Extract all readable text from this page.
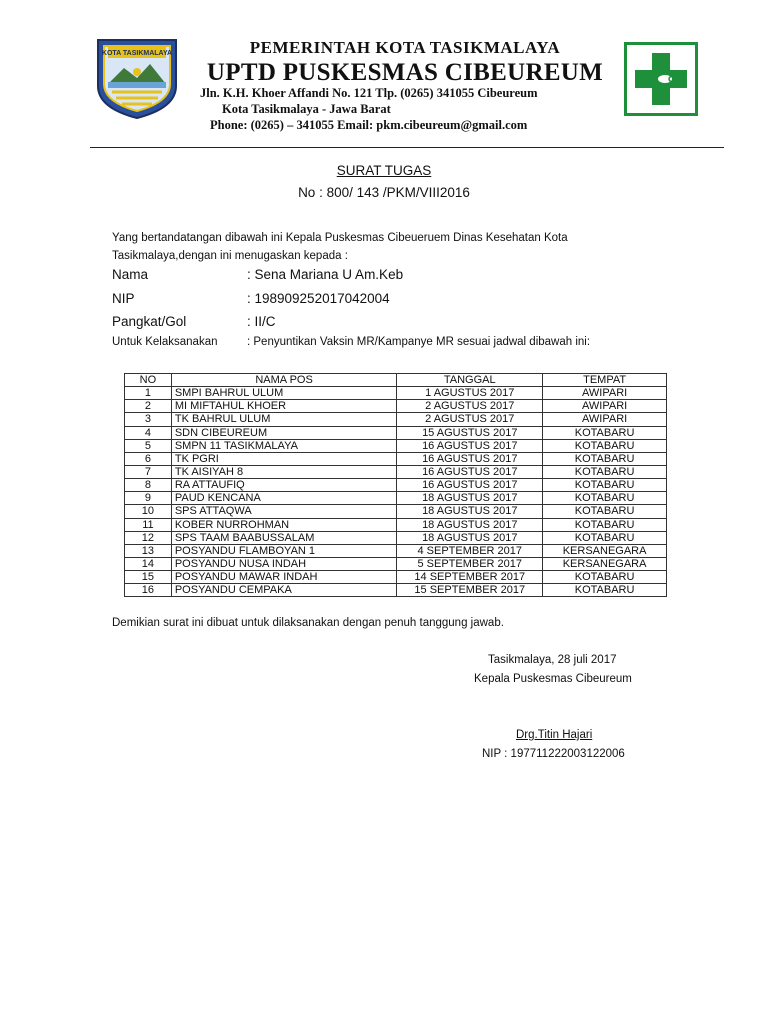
KOTA TASIKMALAYA	PEMERINTAH KOTA TASIKMALAYA
UPTD PUSKESMAS CIBEUREUM
Jln. K.H. Khoer Affandi No. 121 Tlp. (0265) 341055 Cibeureum
Kota Tasikmalaya - Jawa Barat
Phone: (0265) – 341055 Email: pkm.cibeureum@gmail.com
SURAT TUGAS
No : 800/ 143 /PKM/VIII2016
Yang bertandatangan dibawah ini Kepala Puskesmas Cibeueruem Dinas Kesehatan Kota Tasikmalaya,dengan ini menugaskan kepada :
Nama	: Sena Mariana U Am.Keb
NIP	: 198909252017042004
Pangkat/Gol	: II/C
Untuk Kelaksanakan	: Penyuntikan Vaksin MR/Kampanye MR sesuai jadwal dibawah ini:
NO	NAMA POS	TANGGAL	TEMPAT
1	SMPI BAHRUL ULUM	1 AGUSTUS 2017	AWIPARI
2	MI MIFTAHUL KHOER	2 AGUSTUS 2017	AWIPARI
3	TK BAHRUL ULUM	2 AGUSTUS 2017	AWIPARI
4	SDN CIBEUREUM	15 AGUSTUS 2017	KOTABARU
5	SMPN 11 TASIKMALAYA	16 AGUSTUS 2017	KOTABARU
6	TK PGRI	16 AGUSTUS 2017	KOTABARU
7	TK AISIYAH 8	16 AGUSTUS 2017	KOTABARU
8	RA ATTAUFIQ	16 AGUSTUS 2017	KOTABARU
9	PAUD KENCANA	18 AGUSTUS 2017	KOTABARU
10	SPS ATTAQWA	18 AGUSTUS 2017	KOTABARU
11	KOBER NURROHMAN	18 AGUSTUS 2017	KOTABARU
12	SPS TAAM BAABUSSALAM	18 AGUSTUS 2017	KOTABARU
13	POSYANDU FLAMBOYAN 1	4 SEPTEMBER 2017	KERSANEGARA
14	POSYANDU NUSA INDAH	5 SEPTEMBER 2017	KERSANEGARA
15	POSYANDU MAWAR INDAH	14 SEPTEMBER 2017	KOTABARU
16	POSYANDU CEMPAKA	15 SEPTEMBER 2017	KOTABARU
Demikian surat ini dibuat untuk dilaksanakan dengan penuh tanggung jawab.
Tasikmalaya, 28 juli 2017
Kepala Puskesmas Cibeureum
Drg.Titin Hajari
NIP : 197711222003122006
